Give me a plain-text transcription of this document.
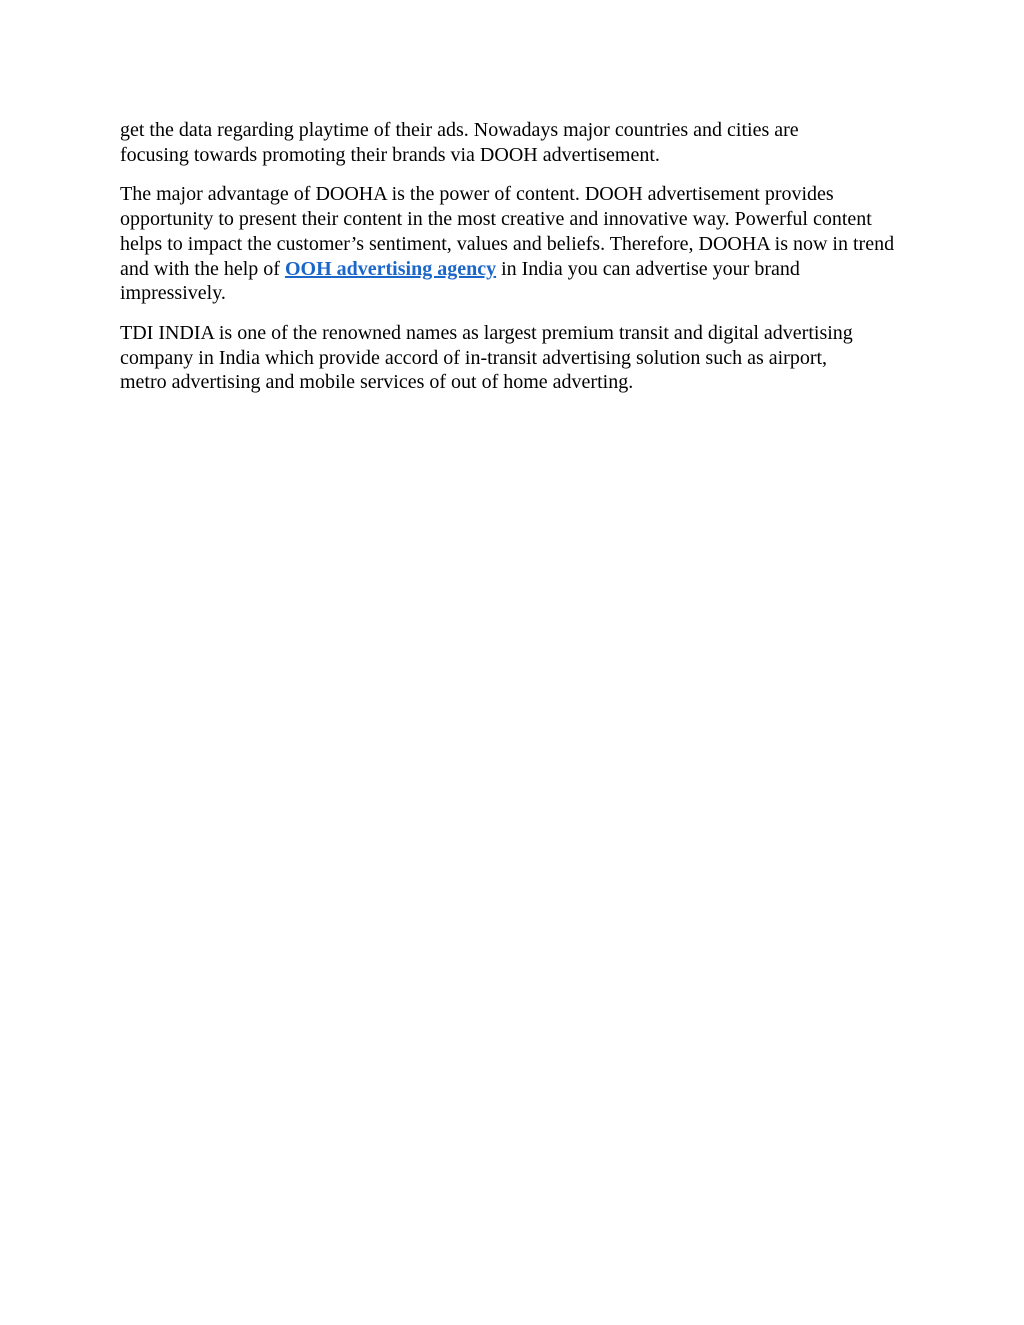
get the data regarding playtime of their ads. Nowadays major countries and cities are
focusing towards promoting their brands via DOOH advertisement.

The major advantage of DOOHA is the power of content. DOOH advertisement provides
opportunity to present their content in the most creative and innovative way. Powerful content
helps to impact the customer’s sentiment, values and beliefs. Therefore, DOOHA is now in trend
and with the help of OOH advertising agency in India you can advertise your brand
impressively.

TDI INDIA is one of the renowned names as largest premium transit and digital advertising
company in India which provide accord of in-transit advertising solution such as airport,
metro advertising and mobile services of out of home adverting.
